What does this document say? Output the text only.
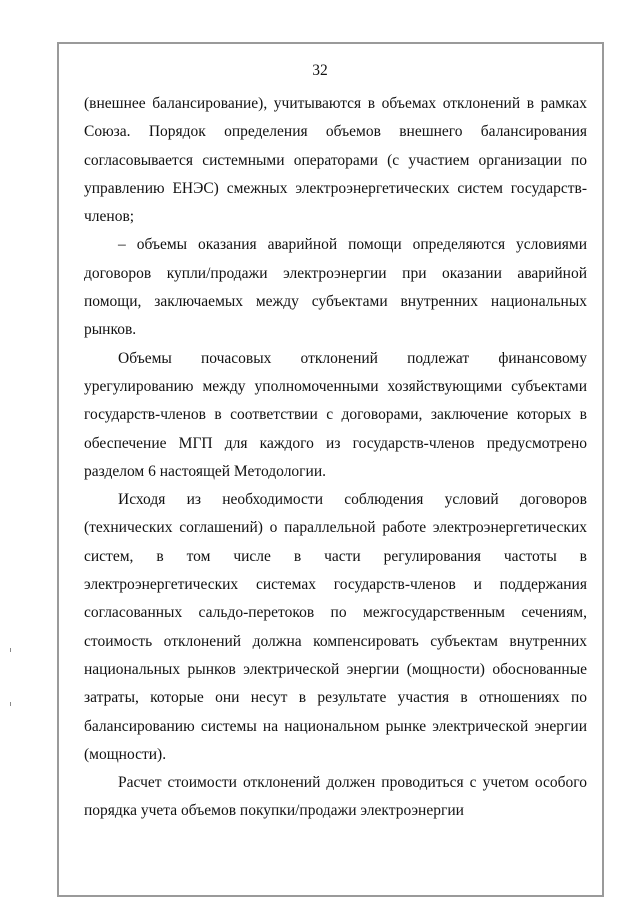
32

(внешнее балансирование), учитываются в объемах отклонений в рамках Союза. Порядок определения объемов внешнего балансирования согласовывается системными операторами (с участием организации по управлению ЕНЭС) смежных электроэнергетических систем государств-членов;

– объемы оказания аварийной помощи определяются условиями договоров купли/продажи электроэнергии при оказании аварийной помощи, заключаемых между субъектами внутренних национальных рынков.

Объемы почасовых отклонений подлежат финансовому урегулированию между уполномоченными хозяйствующими субъектами государств-членов в соответствии с договорами, заключение которых в обеспечение МГП для каждого из государств-членов предусмотрено разделом 6 настоящей Методологии.

Исходя из необходимости соблюдения условий договоров (технических соглашений) о параллельной работе электроэнергетических систем, в том числе в части регулирования частоты в электроэнергетических системах государств-членов и поддержания согласованных сальдо-перетоков по межгосударственным сечениям, стоимость отклонений должна компенсировать субъектам внутренних национальных рынков электрической энергии (мощности) обоснованные затраты, которые они несут в результате участия в отношениях по балансированию системы на национальном рынке электрической энергии (мощности).

Расчет стоимости отклонений должен проводиться с учетом особого порядка учета объемов покупки/продажи электроэнергии
